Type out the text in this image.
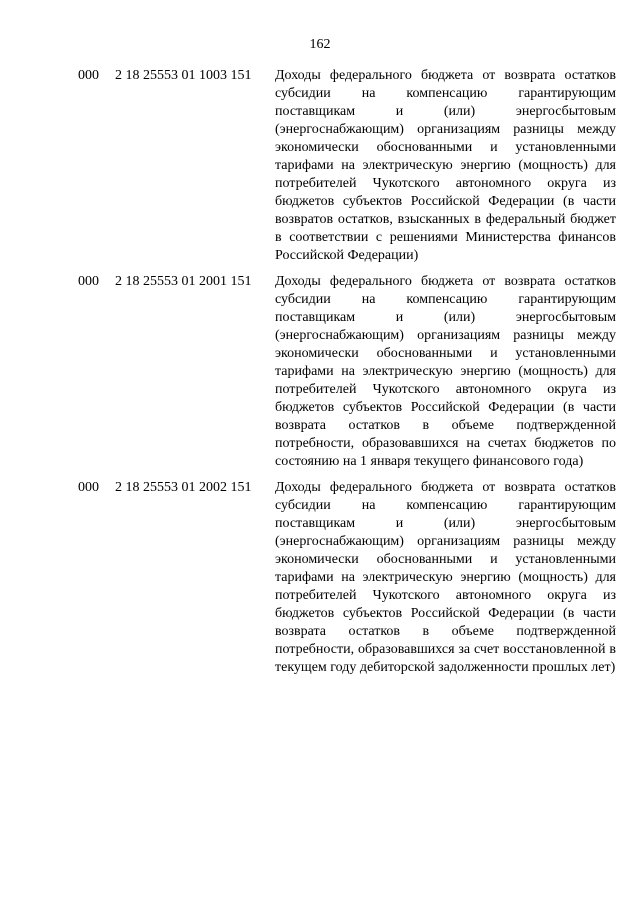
162
000	2 18 25553 01 1003 151	Доходы федерального бюджета от возврата остатков субсидии на компенсацию гарантирующим поставщикам и (или) энергосбытовым (энергоснабжающим) организациям разницы между экономически обоснованными и установленными тарифами на электрическую энергию (мощность) для потребителей Чукотского автономного округа из бюджетов субъектов Российской Федерации (в части возвратов остатков, взысканных в федеральный бюджет в соответствии с решениями Министерства финансов Российской Федерации)
000	2 18 25553 01 2001 151	Доходы федерального бюджета от возврата остатков субсидии на компенсацию гарантирующим поставщикам и (или) энергосбытовым (энергоснабжающим) организациям разницы между экономически обоснованными и установленными тарифами на электрическую энергию (мощность) для потребителей Чукотского автономного округа из бюджетов субъектов Российской Федерации (в части возврата остатков в объеме подтвержденной потребности, образовавшихся на счетах бюджетов по состоянию на 1 января текущего финансового года)
000	2 18 25553 01 2002 151	Доходы федерального бюджета от возврата остатков субсидии на компенсацию гарантирующим поставщикам и (или) энергосбытовым (энергоснабжающим) организациям разницы между экономически обоснованными и установленными тарифами на электрическую энергию (мощность) для потребителей Чукотского автономного округа из бюджетов субъектов Российской Федерации (в части возврата остатков в объеме подтвержденной потребности, образовавшихся за счет восстановленной в текущем году дебиторской задолженности прошлых лет)
